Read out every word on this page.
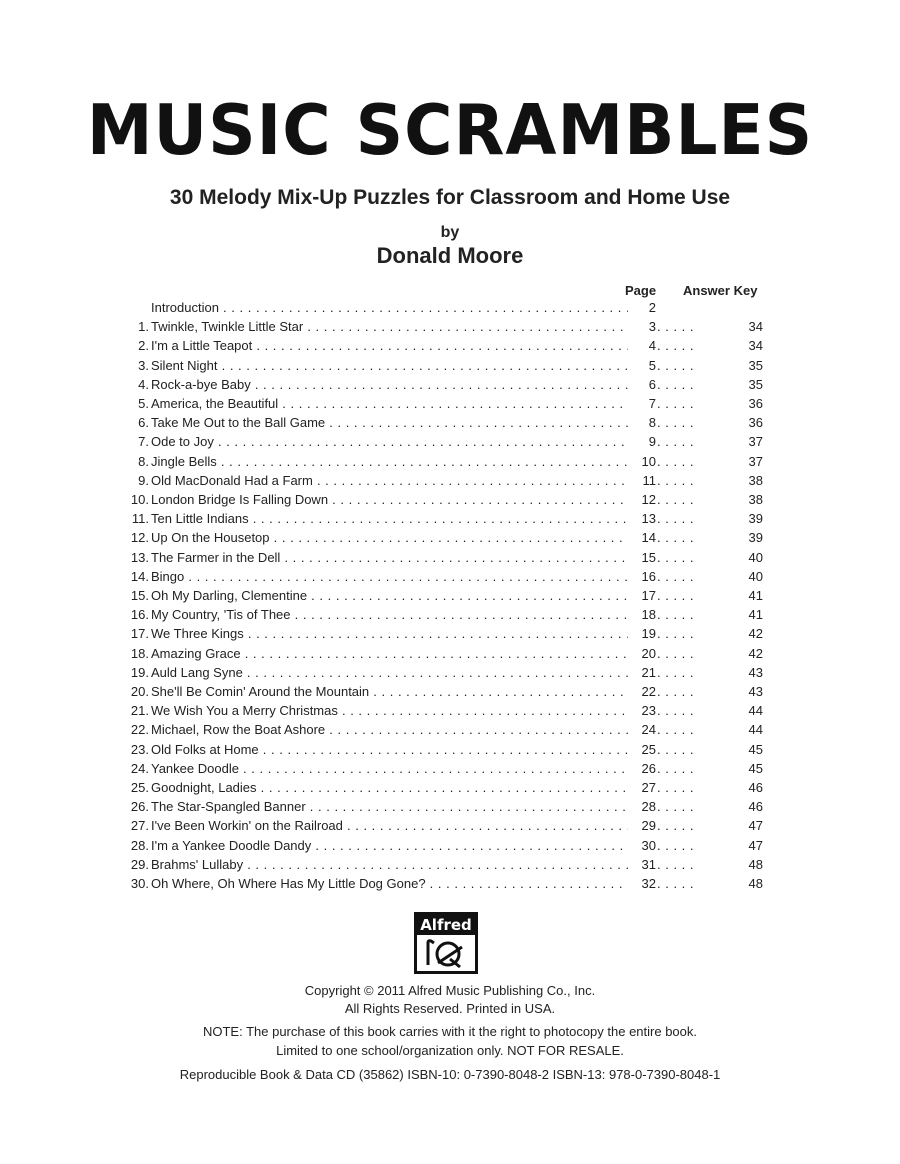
MUSIC SCRAMBLES
30 Melody Mix-Up Puzzles for Classroom and Home Use
by
Donald Moore
Page Answer Key
Introduction . . .	2
1. Twinkle, Twinkle Little Star . . .	3 . . . . .	34
2. I'm a Little Teapot . . .	4 . . . . .	34
3. Silent Night . . .	5 . . . . .	35
4. Rock-a-bye Baby . . .	6 . . . . .	35
5. America, the Beautiful . . .	7 . . . . .	36
6. Take Me Out to the Ball Game . . .	8 . . . . .	36
7. Ode to Joy . . .	9 . . . . .	37
8. Jingle Bells . . .	10 . . . . .	37
9. Old MacDonald Had a Farm . . .	11 . . . . .	38
10. London Bridge Is Falling Down . . .	12 . . . . .	38
11. Ten Little Indians . . .	13 . . . . .	39
12. Up On the Housetop . . .	14 . . . . .	39
13. The Farmer in the Dell . . .	15 . . . . .	40
14. Bingo . . .	16 . . . . .	40
15. Oh My Darling, Clementine . . .	17 . . . . .	41
16. My Country, 'Tis of Thee . . .	18 . . . . .	41
17. We Three Kings . . .	19 . . . . .	42
18. Amazing Grace . . .	20 . . . . .	42
19. Auld Lang Syne . . .	21 . . . . .	43
20. She'll Be Comin' Around the Mountain . . .	22 . . . . .	43
21. We Wish You a Merry Christmas . . .	23 . . . . .	44
22. Michael, Row the Boat Ashore . . .	24 . . . . .	44
23. Old Folks at Home . . .	25 . . . . .	45
24. Yankee Doodle . . .	26 . . . . .	45
25. Goodnight, Ladies . . .	27 . . . . .	46
26. The Star-Spangled Banner . . .	28 . . . . .	46
27. I've Been Workin' on the Railroad . . .	29 . . . . .	47
28. I'm a Yankee Doodle Dandy . . .	30 . . . . .	47
29. Brahms' Lullaby . . .	31 . . . . .	48
30. Oh Where, Oh Where Has My Little Dog Gone? . . .	32 . . . . .	48
Alfred
Copyright © 2011 Alfred Music Publishing Co., Inc.
All Rights Reserved. Printed in USA.
NOTE: The purchase of this book carries with it the right to photocopy the entire book.
Limited to one school/organization only. NOT FOR RESALE.
Reproducible Book & Data CD (35862) ISBN-10: 0-7390-8048-2 ISBN-13: 978-0-7390-8048-1
